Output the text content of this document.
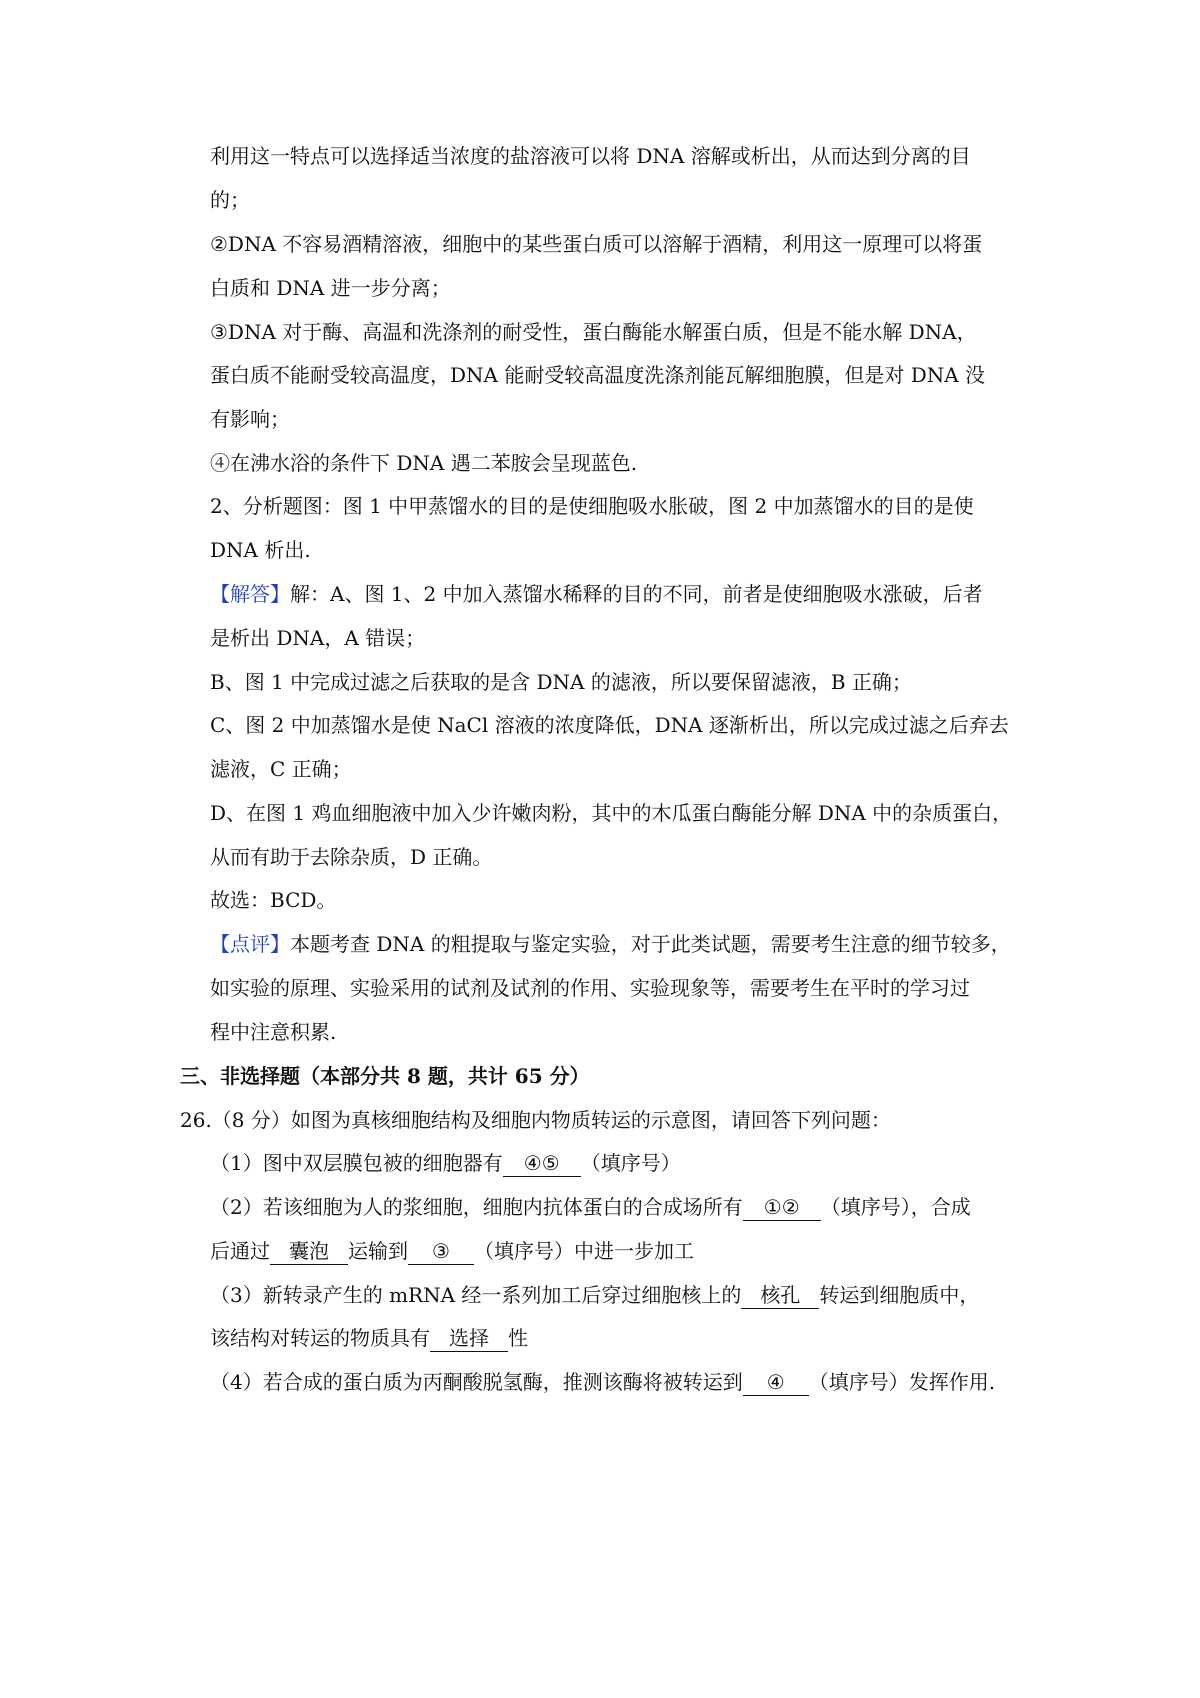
利用这一特点可以选择适当浓度的盐溶液可以将 DNA 溶解或析出，从而达到分离的目
的；
②DNA 不容易酒精溶液，细胞中的某些蛋白质可以溶解于酒精，利用这一原理可以将蛋
白质和 DNA 进一步分离；
③DNA 对于酶、高温和洗涤剂的耐受性，蛋白酶能水解蛋白质，但是不能水解 DNA，
蛋白质不能耐受较高温度，DNA 能耐受较高温度洗涤剂能瓦解细胞膜，但是对 DNA 没
有影响；
④在沸水浴的条件下 DNA 遇二苯胺会呈现蓝色.
2、分析题图：图 1 中甲蒸馏水的目的是使细胞吸水胀破，图 2 中加蒸馏水的目的是使
DNA 析出.
【解答】解：A、图 1、2 中加入蒸馏水稀释的目的不同，前者是使细胞吸水涨破，后者
是析出 DNA，A 错误；
B、图 1 中完成过滤之后获取的是含 DNA 的滤液，所以要保留滤液，B 正确；
C、图 2 中加蒸馏水是使 NaCl 溶液的浓度降低，DNA 逐渐析出，所以完成过滤之后弃去
滤液，C 正确；
D、在图 1 鸡血细胞液中加入少许嫩肉粉，其中的木瓜蛋白酶能分解 DNA 中的杂质蛋白，
从而有助于去除杂质，D 正确。
故选：BCD。
【点评】本题考查 DNA 的粗提取与鉴定实验，对于此类试题，需要考生注意的细节较多，
如实验的原理、实验采用的试剂及试剂的作用、实验现象等，需要考生在平时的学习过
程中注意积累.
三、非选择题（本部分共 8 题，共计 65 分）
26.（8 分）如图为真核细胞结构及细胞内物质转运的示意图，请回答下列问题：
（1）图中双层膜包被的细胞器有 ④⑤ （填序号）
（2）若该细胞为人的浆细胞，细胞内抗体蛋白的合成场所有 ①② （填序号），合成
后通过 囊泡 运输到 ③ （填序号）中进一步加工
（3）新转录产生的 mRNA 经一系列加工后穿过细胞核上的 核孔 转运到细胞质中，
该结构对转运的物质具有 选择 性
（4）若合成的蛋白质为丙酮酸脱氢酶，推测该酶将被转运到 ④ （填序号）发挥作用.
